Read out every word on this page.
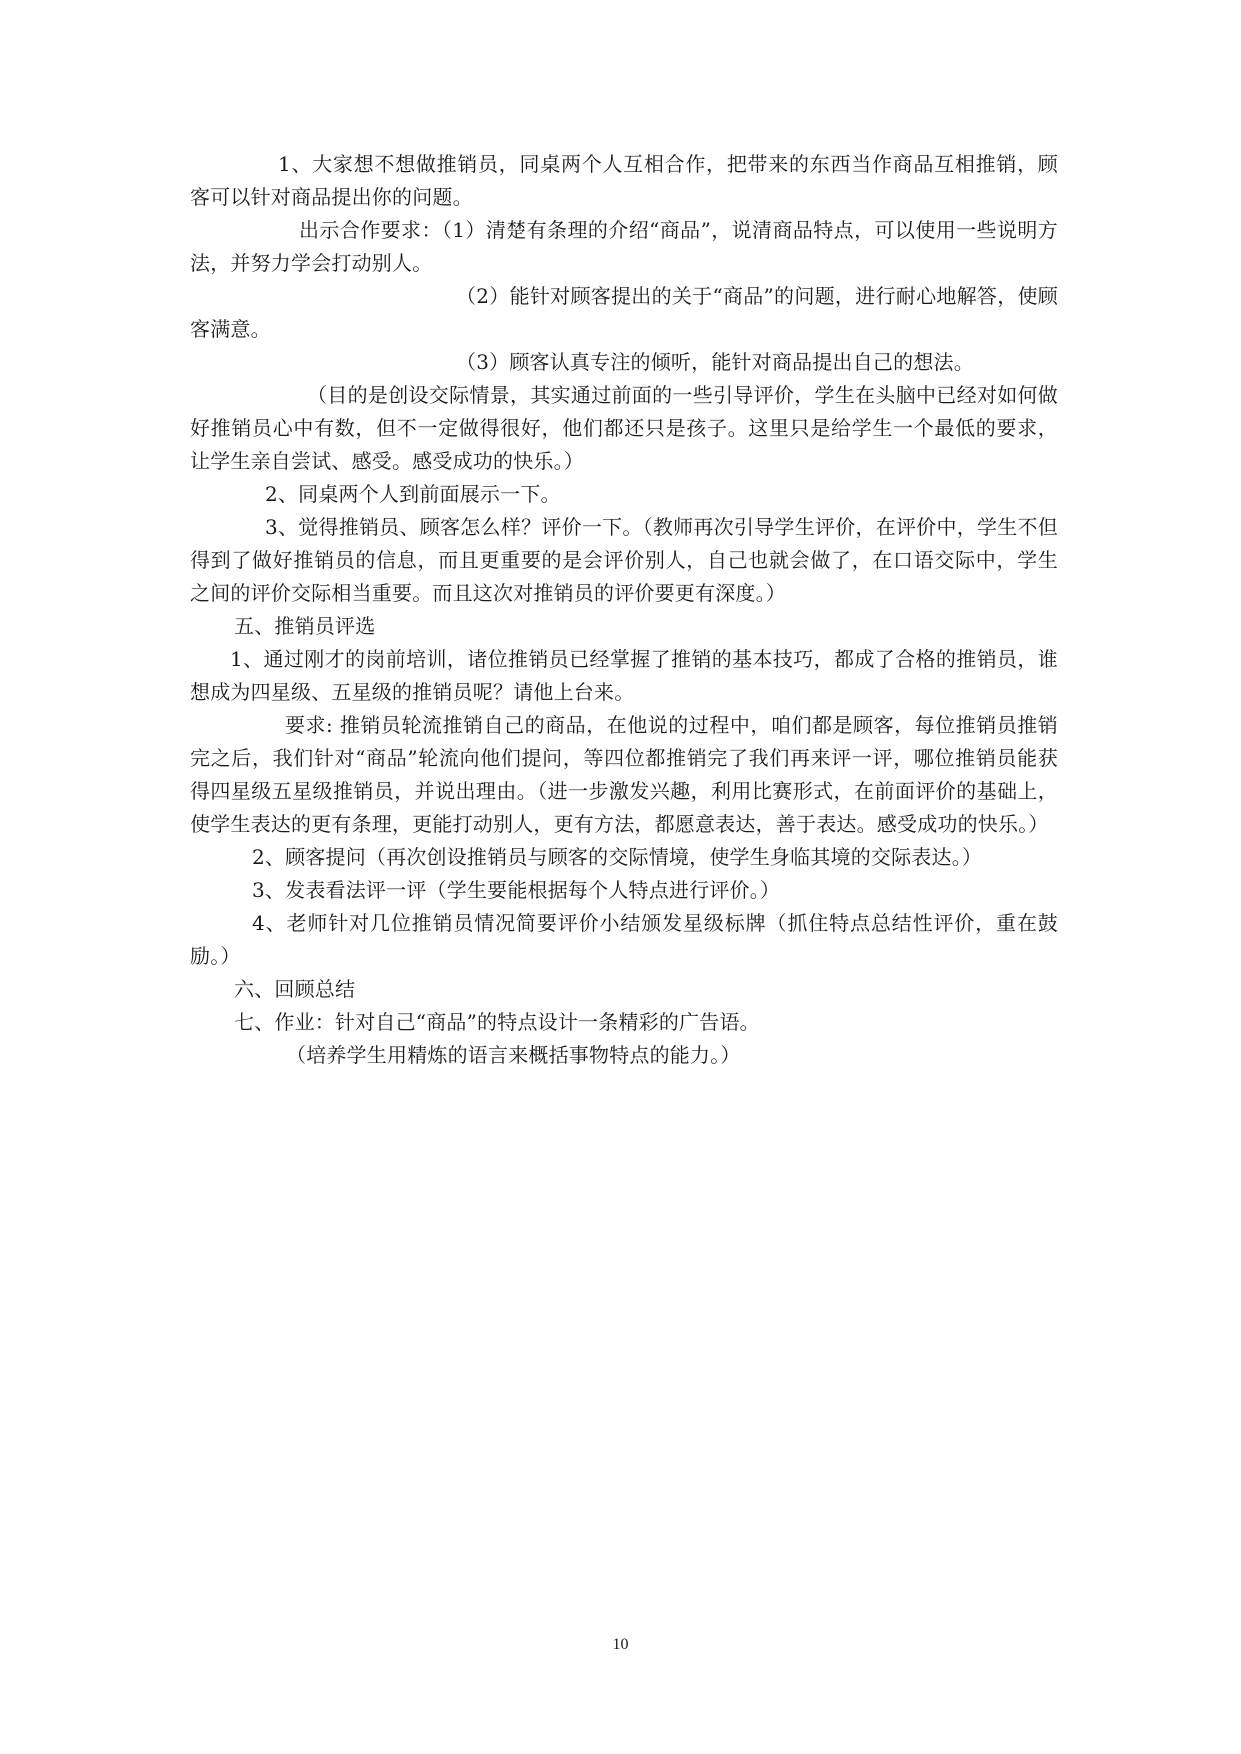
1、大家想不想做推销员，同桌两个人互相合作，把带来的东西当作商品互相推销，顾客可以针对商品提出你的问题。

出示合作要求：（1）清楚有条理的介绍“商品”，说清商品特点，可以使用一些说明方法，并努力学会打动别人。

（2）能针对顾客提出的关于“商品”的问题，进行耐心地解答，使顾客满意。

（3）顾客认真专注的倾听，能针对商品提出自己的想法。

（目的是创设交际情景，其实通过前面的一些引导评价，学生在头脑中已经对如何做好推销员心中有数，但不一定做得很好，他们都还只是孩子。这里只是给学生一个最低的要求，让学生亲自尝试、感受。感受成功的快乐。）

2、同桌两个人到前面展示一下。

3、觉得推销员、顾客怎么样？评价一下。（教师再次引导学生评价，在评价中，学生不但得到了做好推销员的信息，而且更重要的是会评价别人，自己也就会做了，在口语交际中，学生之间的评价交际相当重要。而且这次对推销员的评价要更有深度。）

五、推销员评选

1、通过刚才的岗前培训，诸位推销员已经掌握了推销的基本技巧，都成了合格的推销员，谁想成为四星级、五星级的推销员呢？请他上台来。

要求: 推销员轮流推销自己的商品，在他说的过程中，咱们都是顾客，每位推销员推销完之后，我们针对“商品”轮流向他们提问，等四位都推销完了我们再来评一评，哪位推销员能获得四星级五星级推销员，并说出理由。（进一步激发兴趣，利用比赛形式，在前面评价的基础上，使学生表达的更有条理，更能打动别人，更有方法，都愿意表达，善于表达。感受成功的快乐。）

2、顾客提问（再次创设推销员与顾客的交际情境，使学生身临其境的交际表达。）

3、发表看法评一评（学生要能根据每个人特点进行评价。）

4、老师针对几位推销员情况简要评价小结颁发星级标牌（抓住特点总结性评价，重在鼓励。）

六、回顾总结

七、作业：针对自己“商品”的特点设计一条精彩的广告语。

（培养学生用精炼的语言来概括事物特点的能力。）

10
